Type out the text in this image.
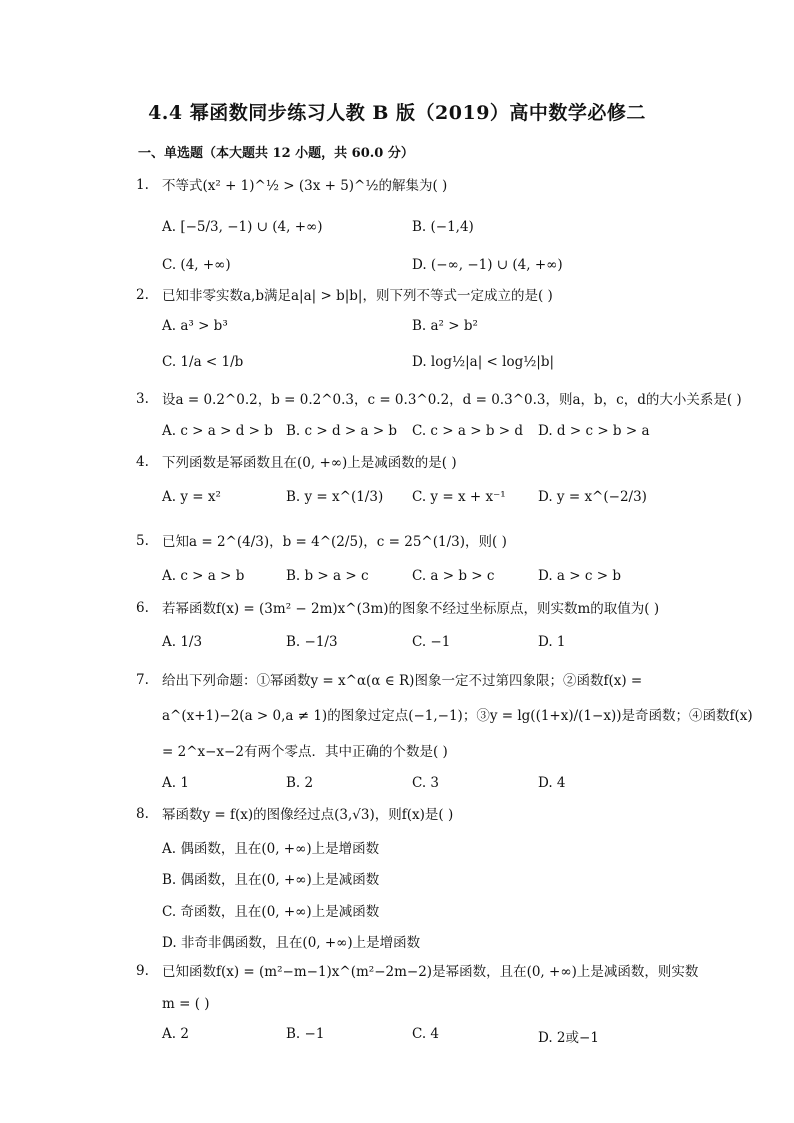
4.4 幂函数同步练习人教 B 版（2019）高中数学必修二
一、单选题（本大题共 12 小题，共 60.0 分）
1. 不等式(x² + 1)^½ > (3x + 5)^½的解集为( )
A. [−5/3, −1) ∪ (4, +∞)	B. (−1,4)
C. (4, +∞)	D. (−∞, −1) ∪ (4, +∞)
2. 已知非零实数a,b满足a|a| > b|b|，则下列不等式一定成立的是( )
A. a³ > b³	B. a² > b²
C. 1/a < 1/b	D. log½|a| < log½|b|
3. 设a = 0.2^0.2，b = 0.2^0.3，c = 0.3^0.2，d = 0.3^0.3，则a，b，c，d的大小关系是( )
A. c > a > d > b B. c > d > a > b C. c > a > b > d D. d > c > b > a
4. 下列函数是幂函数且在(0, +∞)上是减函数的是( )
A. y = x²	B. y = x^(1/3) C. y = x + x⁻¹ D. y = x^(−2/3)
5. 已知a = 2^(4/3)，b = 4^(2/5)，c = 25^(1/3)，则( )
A. c > a > b	B. b > a > c	C. a > b > c	D. a > c > b
6. 若幂函数f(x) = (3m² − 2m)x^(3m)的图象不经过坐标原点，则实数m的取值为( )
A. 1/3	B. −1/3	C. −1	D. 1
7. 给出下列命题：①幂函数y = x^α(α ∈ R)图象一定不过第四象限；②函数f(x) =
a^(x+1)−2(a > 0,a ≠ 1)的图象过定点(−1,−1)；③y = lg((1+x)/(1−x))是奇函数；④函数f(x)
= 2^x−x−2有两个零点．其中正确的个数是( )
A. 1	B. 2	C. 3	D. 4
8. 幂函数y = f(x)的图像经过点(3,√3)，则f(x)是( )
A. 偶函数，且在(0, +∞)上是增函数
B. 偶函数，且在(0, +∞)上是减函数
C. 奇函数，且在(0, +∞)上是减函数
D. 非奇非偶函数，且在(0, +∞)上是增函数
9. 已知函数f(x) = (m²−m−1)x^(m²−2m−2)是幂函数，且在(0, +∞)上是减函数，则实数
m = ( )
A. 2	B. −1	C. 4	D. 2或−1
